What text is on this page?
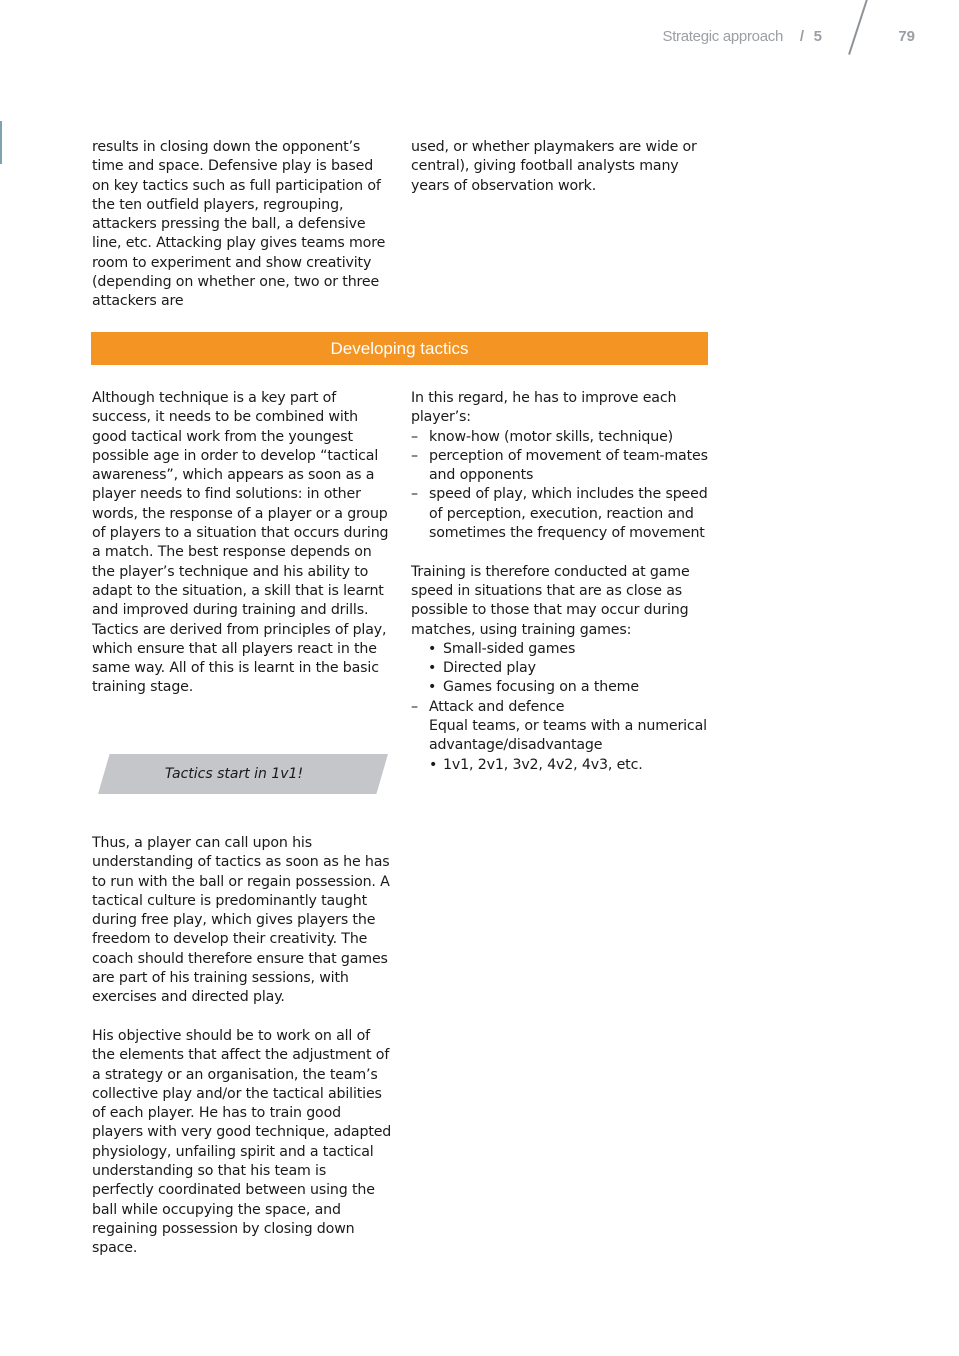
Strategic approach / 5	79

results in closing down the opponent’s time and space. Defensive play is based on key tactics such as full participation of the ten outfield players, regrouping, attackers pressing the ball, a defensive line, etc. Attacking play gives teams more room to experiment and show creativity (depending on whether one, two or three attackers are

used, or whether playmakers are wide or central), giving football analysts many years of observation work.

Developing tactics

Although technique is a key part of success, it needs to be combined with good tactical work from the youngest possible age in order to develop “tactical awareness”, which appears as soon as a player needs to find solutions: in other words, the response of a player or a group of players to a situation that occurs during a match. The best response depends on the player’s technique and his ability to adapt to the situation, a skill that is learnt and improved during training and drills.

Tactics are derived from principles of play, which ensure that all players react in the same way. All of this is learnt in the basic training stage.

Tactics start in 1v1!

Thus, a player can call upon his understanding of tactics as soon as he has to run with the ball or regain possession. A tactical culture is predominantly taught during free play, which gives players the freedom to develop their creativity. The coach should therefore ensure that games are part of his training sessions, with exercises and directed play.

His objective should be to work on all of the elements that affect the adjustment of a strategy or an organisation, the team’s collective play and/or the tactical abilities of each player. He has to train good players with very good technique, adapted physiology, unfailing spirit and a tactical understanding so that his team is perfectly coordinated between using the ball while occupying the space, and regaining possession by closing down space.

In this regard, he has to improve each player’s:

– know-how (motor skills, technique)
– perception of movement of team-mates and opponents
– speed of play, which includes the speed of perception, execution, reaction and sometimes the frequency of movement

Training is therefore conducted at game speed in situations that are as close as possible to those that may occur during matches, using training games:

• Small-sided games
• Directed play
• Games focusing on a theme
– Attack and defence
Equal teams, or teams with a numerical advantage/disadvantage
• 1v1, 2v1, 3v2, 4v2, 4v3, etc.
